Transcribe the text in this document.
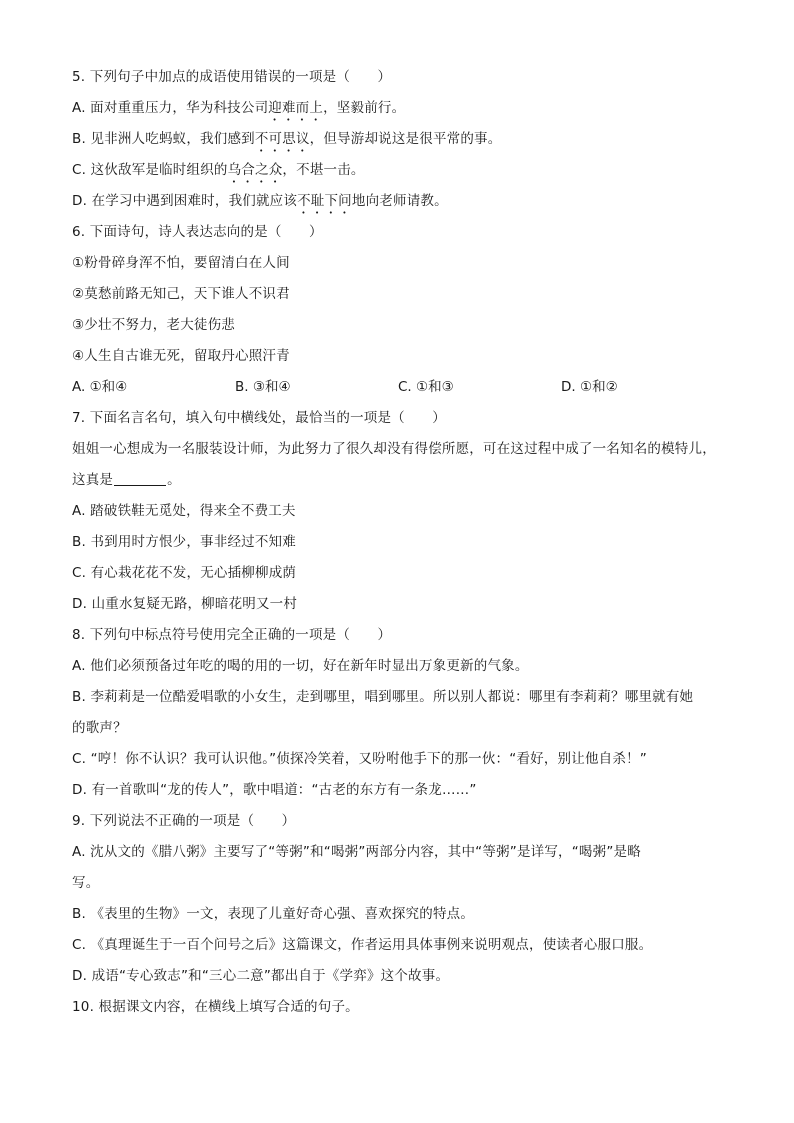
5. 下列句子中加点的成语使用错误的一项是（　　）
A. 面对重重压力，华为科技公司迎难而上，坚毅前行。
B. 见非洲人吃蚂蚁，我们感到不可思议，但导游却说这是很平常的事。
C. 这伙敌军是临时组织的乌合之众，不堪一击。
D. 在学习中遇到困难时，我们就应该不耻下问地向老师请教。
6. 下面诗句，诗人表达志向的是（　　）
①粉骨碎身浑不怕，要留清白在人间
②莫愁前路无知己，天下谁人不识君
③少壮不努力，老大徒伤悲
④人生自古谁无死，留取丹心照汗青
A. ①和④	B. ③和④	C. ①和③	D. ①和②
7. 下面名言名句，填入句中横线处，最恰当的一项是（　　）
姐姐一心想成为一名服装设计师，为此努力了很久却没有得偿所愿，可在这过程中成了一名知名的模特儿，
这真是	。
A. 踏破铁鞋无觅处，得来全不费工夫
B. 书到用时方恨少，事非经过不知难
C. 有心栽花花不发，无心插柳柳成荫
D. 山重水复疑无路，柳暗花明又一村
8. 下列句中标点符号使用完全正确的一项是（　　）
A. 他们必须预备过年吃的喝的用的一切，好在新年时显出万象更新的气象。
B. 李莉莉是一位酷爱唱歌的小女生，走到哪里，唱到哪里。所以别人都说：哪里有李莉莉？哪里就有她
的歌声？
C. “哼！你不认识？我可认识他。”侦探冷笑着，又吩咐他手下的那一伙：“看好，别让他自杀！”
D. 有一首歌叫“龙的传人”，歌中唱道：“古老的东方有一条龙……”
9. 下列说法不正确的一项是（　　）
A. 沈从文的《腊八粥》主要写了“等粥”和“喝粥”两部分内容，其中“等粥”是详写，“喝粥”是略
写。
B. 《表里的生物》一文，表现了儿童好奇心强、喜欢探究的特点。
C. 《真理诞生于一百个问号之后》这篇课文，作者运用具体事例来说明观点，使读者心服口服。
D. 成语“专心致志”和“三心二意”都出自于《学弈》这个故事。
10. 根据课文内容，在横线上填写合适的句子。
